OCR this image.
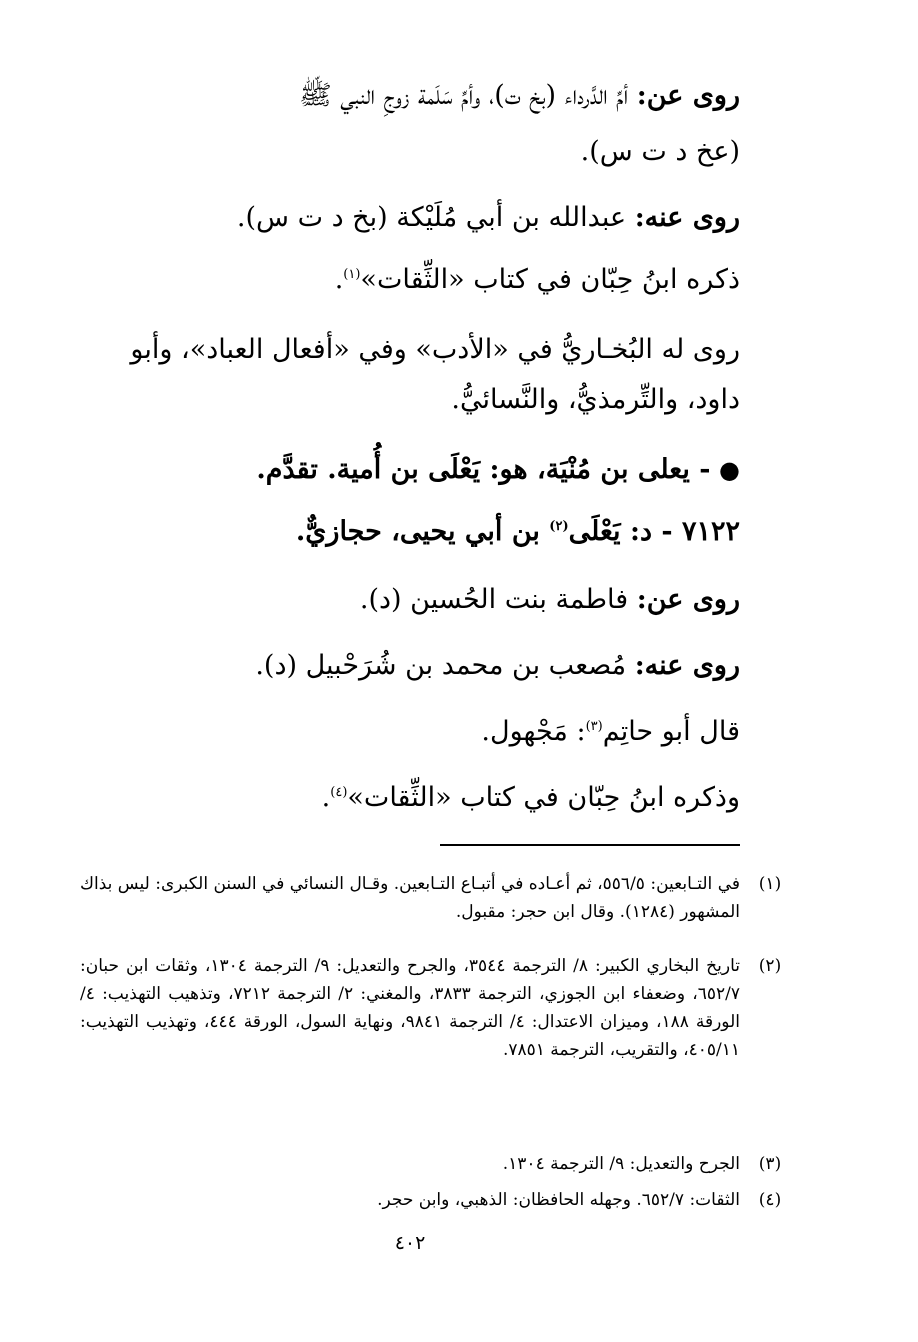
روى عن: أمِّ الدَّرداء (بخ ت)، وأمِّ سَلَمة زوجِ النبي ﷺ
(عخ د ت س).
روى عنه: عبدالله بن أبي مُلَيْكة (بخ د ت س).
ذكره ابنُ حِبّان في كتاب «الثِّقات»$^{(١)}$.
روى له البُخـاريُّ في «الأدب» وفي «أفعال العباد»، وأبو
داود، والتِّرمذيُّ، والنَّسائيُّ.
● - يعلى بن مُنْيَة، هو: يَعْلَى بن أُمية. تقدَّم.
٧١٢٢ - د: يَعْلَى$^{(٢)}$ بن أبي يحيى، حجازيٌّ.
روى عن: فاطمة بنت الحُسين (د).
روى عنه: مُصعب بن محمد بن شُرَحْبيل (د).
قال أبو حاتِم$^{(٣)}$: مَجْهول.
وذكره ابنُ حِبّان في كتاب «الثِّقات»$^{(٤)}$.
(١)
في التـابعين: ٥٥٦/٥، ثم أعـاده في أتبـاع التـابعين. وقـال النسائي في السنن الكبرى: ليس بذاك المشهور (١٢٨٤). وقال ابن حجر: مقبول.
(٢)
تاريخ البخاري الكبير: ٨/ الترجمة ٣٥٤٤، والجرح والتعديل: ٩/ الترجمة ١٣٠٤، وثقات ابن حبان: ٦٥٢/٧، وضعفاء ابن الجوزي، الترجمة ٣٨٣٣، والمغني: ٢/ الترجمة ٧٢١٢، وتذهيب التهذيب: ٤/ الورقة ١٨٨، وميزان الاعتدال: ٤/ الترجمة ٩٨٤١، ونهاية السول، الورقة ٤٤٤، وتهذيب التهذيب: ٤٠٥/١١، والتقريب، الترجمة ٧٨٥١.
(٣)
الجرح والتعديل: ٩/ الترجمة ١٣٠٤.
(٤)
الثقات: ٦٥٢/٧. وجهله الحافظان: الذهبي، وابن حجر.
٤٠٢
